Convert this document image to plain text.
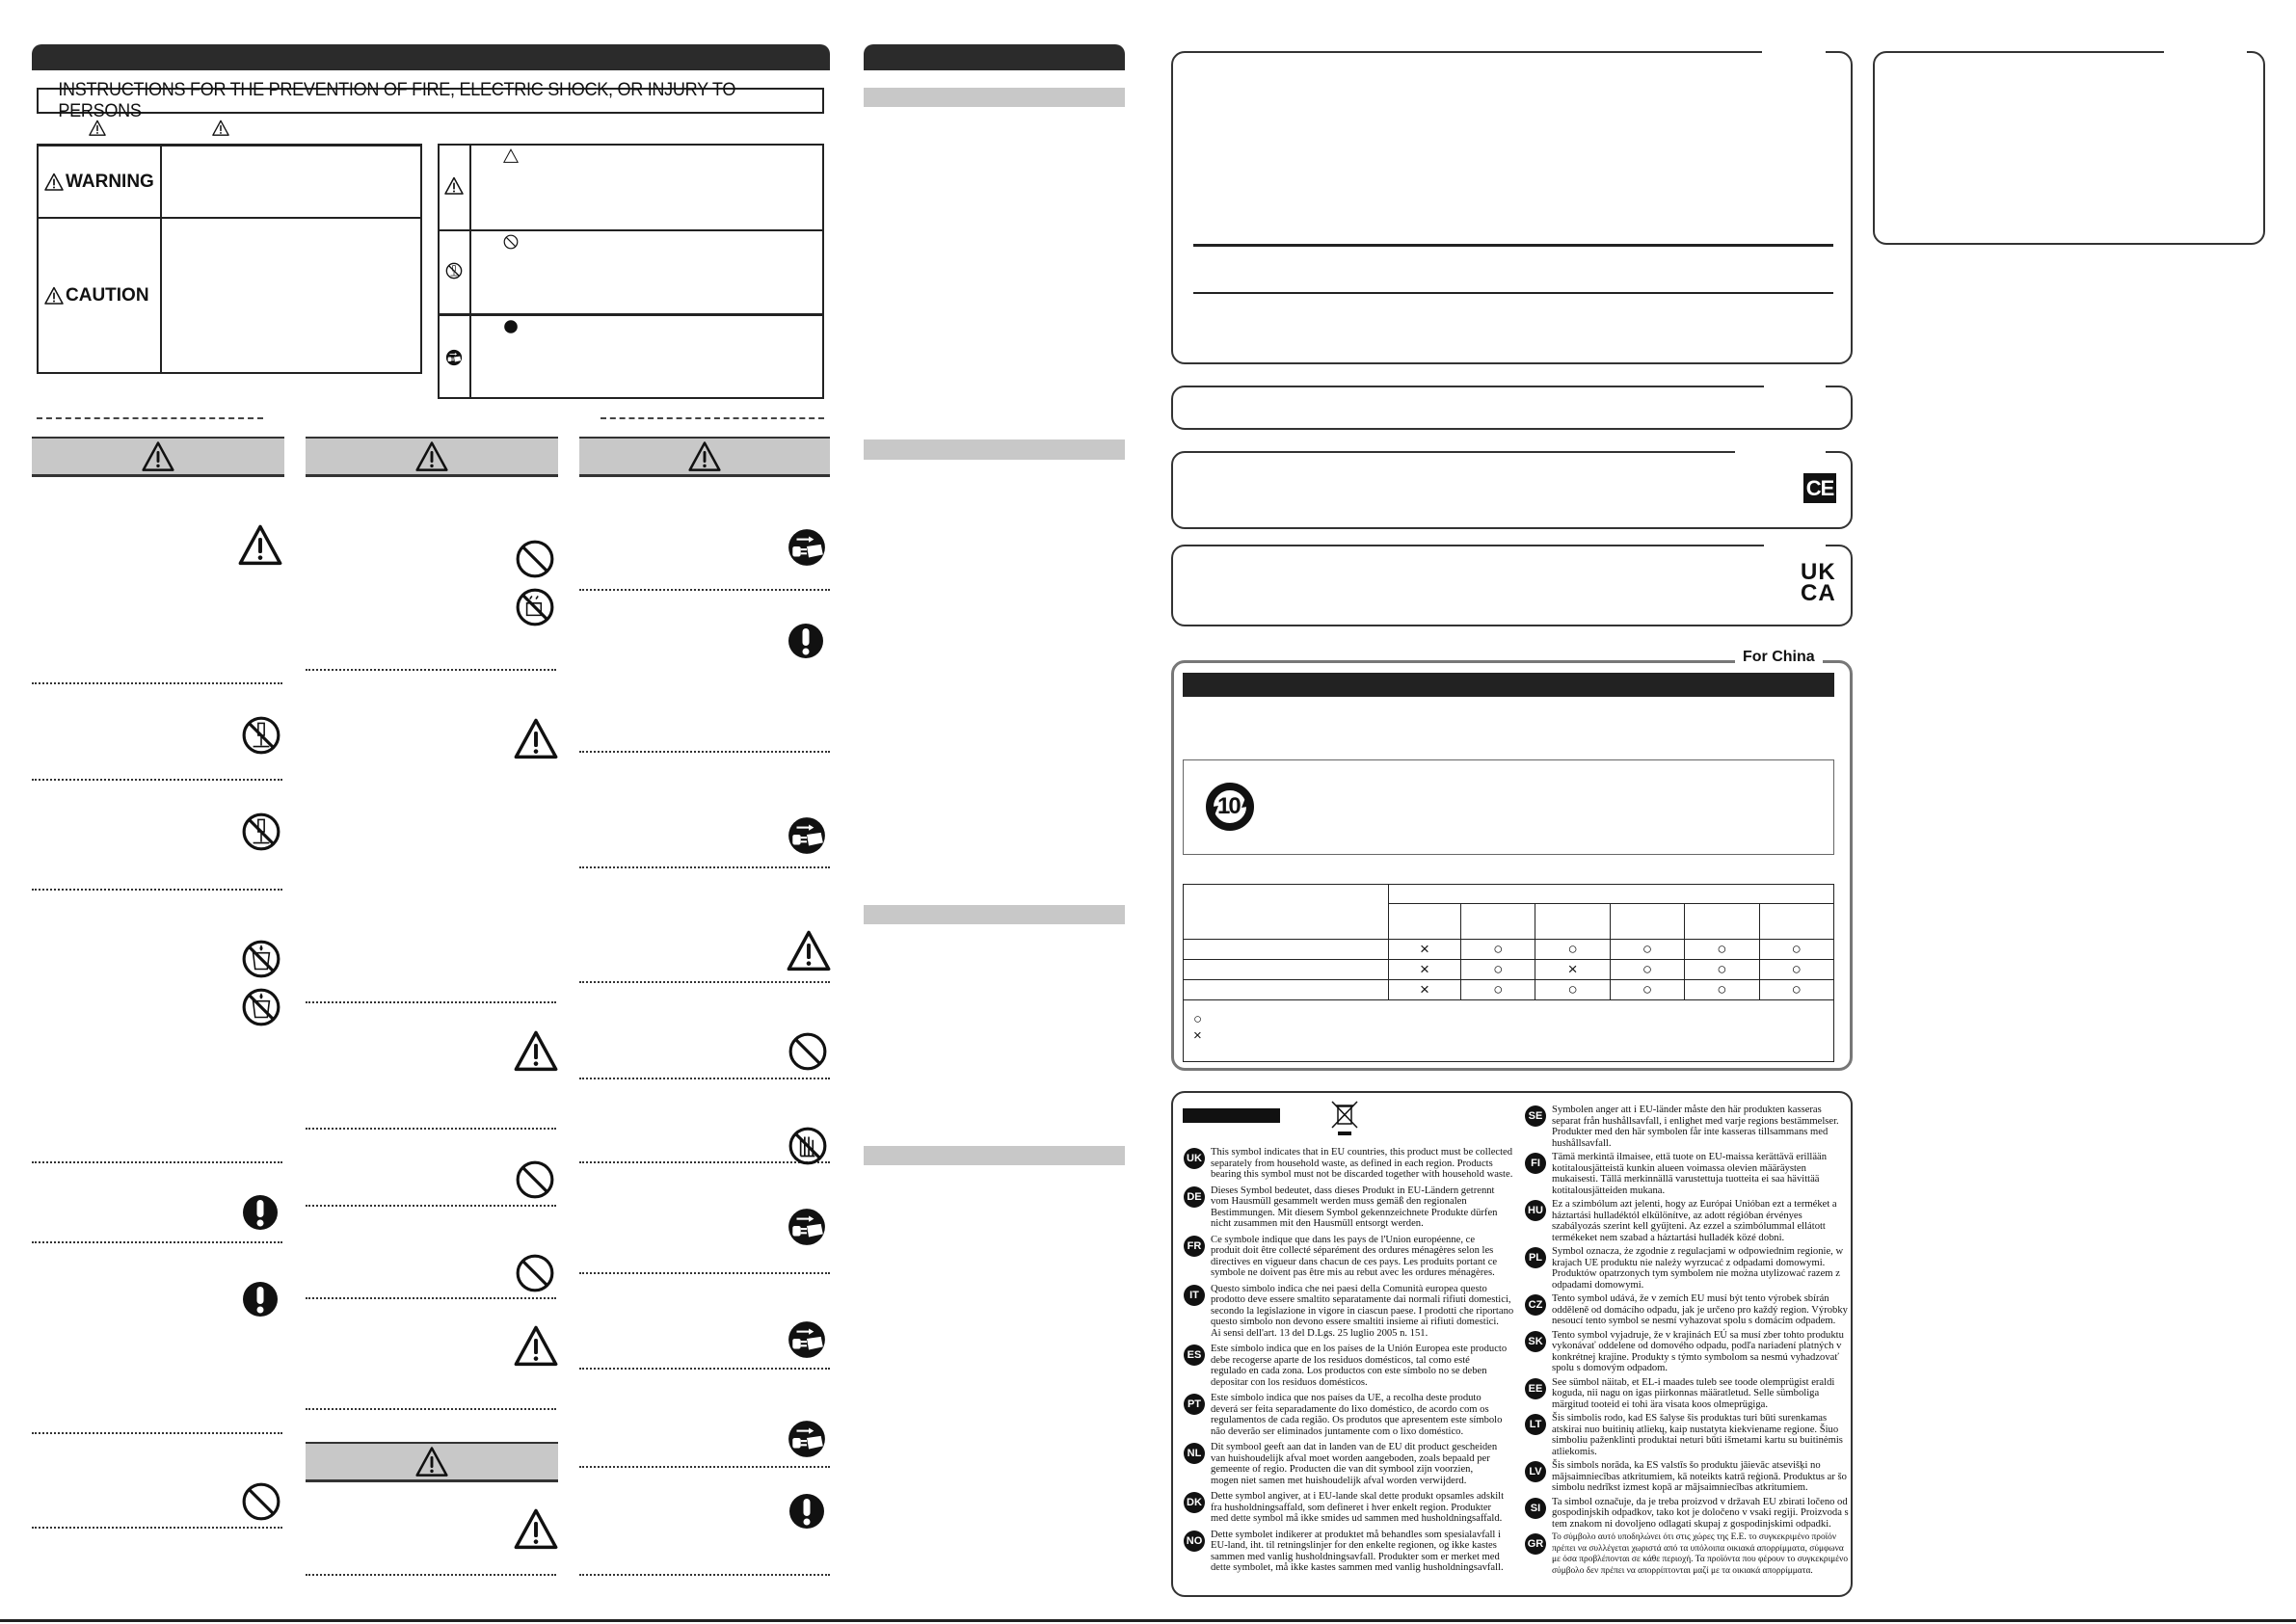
INSTRUCTIONS FOR THE PREVENTION OF FIRE, ELECTRIC SHOCK, OR INJURY TO PERSONS
WARNING
CAUTION
CE
UK
CA
For China
10

	×	○	○	○	○	○
	×	○	×	○	○	○
	×	○	○	○	○	○
○
×
UK
This symbol indicates that in EU countries, this product must be collected
separately from household waste, as defined in each region. Products
bearing this symbol must not be discarded together with household waste.
DE
Dieses Symbol bedeutet, dass dieses Produkt in EU-Ländern getrennt
vom Hausmüll gesammelt werden muss gemäß den regionalen
Bestimmungen. Mit diesem Symbol gekennzeichnete Produkte dürfen
nicht zusammen mit den Hausmüll entsorgt werden.
FR
Ce symbole indique que dans les pays de l'Union européenne, ce
produit doit être collecté séparément des ordures ménagères selon les
directives en vigueur dans chacun de ces pays. Les produits portant ce
symbole ne doivent pas être mis au rebut avec les ordures ménagères.
IT
Questo simbolo indica che nei paesi della Comunità europea questo
prodotto deve essere smaltito separatamente dai normali rifiuti domestici,
secondo la legislazione in vigore in ciascun paese. I prodotti che riportano
questo simbolo non devono essere smaltiti insieme ai rifiuti domestici.
Ai sensi dell'art. 13 del D.Lgs. 25 luglio 2005 n. 151.
ES
Este símbolo indica que en los países de la Unión Europea este producto
debe recogerse aparte de los residuos domésticos, tal como esté
regulado en cada zona. Los productos con este símbolo no se deben
depositar con los residuos domésticos.
PT
Este símbolo indica que nos países da UE, a recolha deste produto
deverá ser feita separadamente do lixo doméstico, de acordo com os
regulamentos de cada região. Os produtos que apresentem este símbolo
não deverão ser eliminados juntamente com o lixo doméstico.
NL
Dit symbool geeft aan dat in landen van de EU dit product gescheiden
van huishoudelijk afval moet worden aangeboden, zoals bepaald per
gemeente of regio. Producten die van dit symbool zijn voorzien,
mogen niet samen met huishoudelijk afval worden verwijderd.
DK
Dette symbol angiver, at i EU-lande skal dette produkt opsamles adskilt
fra husholdningsaffald, som defineret i hver enkelt region. Produkter
med dette symbol må ikke smides ud sammen med husholdningsaffald.
NO
Dette symbolet indikerer at produktet må behandles som spesialavfall i
EU-land, iht. til retningslinjer for den enkelte regionen, og ikke kastes
sammen med vanlig husholdningsavfall. Produkter som er merket med
dette symbolet, må ikke kastes sammen med vanlig husholdningsavfall.
SE
Symbolen anger att i EU-länder måste den här produkten kasseras
separat från hushållsavfall, i enlighet med varje regions bestämmelser.
Produkter med den här symbolen får inte kasseras tillsammans med
hushållsavfall.
FI
Tämä merkintä ilmaisee, että tuote on EU-maissa kerättävä erillään
kotitalousjätteistä kunkin alueen voimassa olevien määräysten
mukaisesti. Tällä merkinnällä varustettuja tuotteita ei saa hävittää
kotitalousjätteiden mukana.
HU
Ez a szimbólum azt jelenti, hogy az Európai Unióban ezt a terméket a
háztartási hulladéktól elkülönítve, az adott régióban érvényes
szabályozás szerint kell gyűjteni. Az ezzel a szimbólummal ellátott
termékeket nem szabad a háztartási hulladék közé dobni.
PL
Symbol oznacza, że zgodnie z regulacjami w odpowiednim regionie, w
krajach UE produktu nie należy wyrzucać z odpadami domowymi.
Produktów opatrzonych tym symbolem nie można utylizować razem z
odpadami domowymi.
CZ
Tento symbol udává, že v zemích EU musí být tento výrobek sbírán
odděleně od domácího odpadu, jak je určeno pro každý region. Výrobky
nesoucí tento symbol se nesmí vyhazovat spolu s domácím odpadem.
SK
Tento symbol vyjadruje, že v krajinách EÚ sa musí zber tohto produktu
vykonávať oddelene od domového odpadu, podľa nariadení platných v
konkrétnej krajine. Produkty s týmto symbolom sa nesmú vyhadzovať
spolu s domovým odpadom.
EE
See sümbol näitab, et EL-i maades tuleb see toode olemprügist eraldi
koguda, nii nagu on igas piirkonnas määratletud. Selle sümboliga
märgitud tooteid ei tohi ära visata koos olmeprügiga.
LT
Šis simbolis rodo, kad ES šalyse šis produktas turi būti surenkamas
atskirai nuo buitinių atliekų, kaip nustatyta kiekviename regione. Šiuo
simboliu paženklinti produktai neturi būti išmetami kartu su buitinėmis
atliekomis.
LV
Šis simbols norāda, ka ES valstīs šo produktu jāievāc atsevišķi no
mājsaimniecības atkritumiem, kā noteikts katrā reģionā. Produktus ar šo
simbolu nedrīkst izmest kopā ar mājsaimniecības atkritumiem.
SI
Ta simbol označuje, da je treba proizvod v državah EU zbirati ločeno od
gospodinjskih odpadkov, tako kot je določeno v vsaki regiji. Proizvoda s
tem znakom ni dovoljeno odlagati skupaj z gospodinjskimi odpadki.
GR
Το σύμβολο αυτό υποδηλώνει ότι στις χώρες της Ε.Ε. το συγκεκριμένο προϊόν
πρέπει να συλλέγεται χωριστά από τα υπόλοιπα οικιακά απορρίμματα, σύμφωνα
με όσα προβλέπονται σε κάθε περιοχή. Τα προϊόντα που φέρουν το συγκεκριμένο
σύμβολο δεν πρέπει να απορρίπτονται μαζί με τα οικιακά απορρίμματα.
